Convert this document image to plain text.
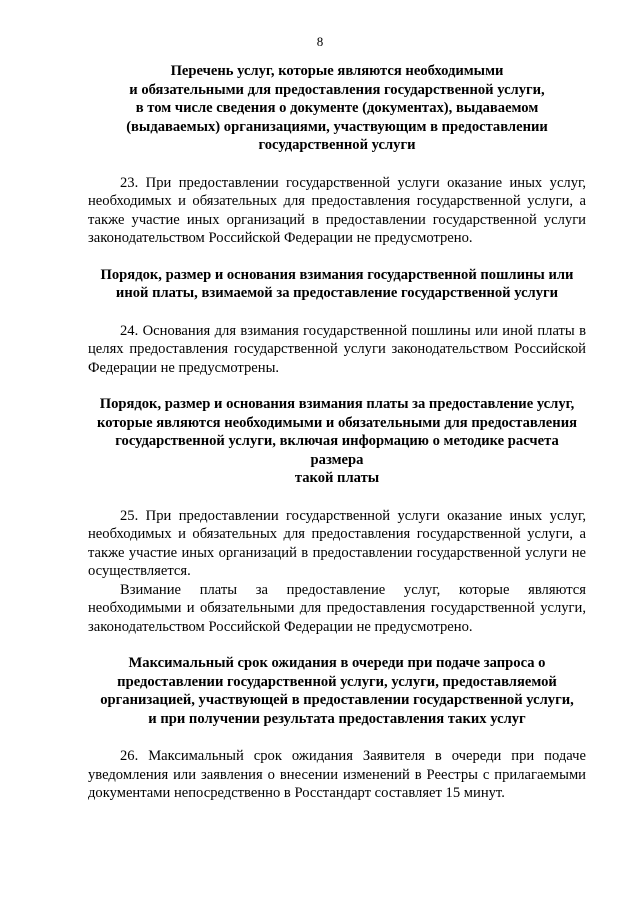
8
Перечень услуг, которые являются необходимыми
и обязательными для предоставления государственной услуги,
в том числе сведения о документе (документах), выдаваемом
(выдаваемых) организациями, участвующим в предоставлении
государственной услуги

23. При предоставлении государственной услуги оказание иных услуг, необходимых и обязательных для предоставления государственной услуги, а также участие иных организаций в предоставлении государственной услуги законодательством Российской Федерации не предусмотрено.

Порядок, размер и основания взимания государственной пошлины или
иной платы, взимаемой за предоставление государственной услуги

24. Основания для взимания государственной пошлины или иной платы в целях предоставления государственной услуги законодательством Российской Федерации не предусмотрены.

Порядок, размер и основания взимания платы за предоставление услуг,
которые являются необходимыми и обязательными для предоставления
государственной услуги, включая информацию о методике расчета размера
такой платы

25. При предоставлении государственной услуги оказание иных услуг, необходимых и обязательных для предоставления государственной услуги, а также участие иных организаций в предоставлении государственной услуги не осуществляется.

Взимание платы за предоставление услуг, которые являются необходимыми и обязательными для предоставления государственной услуги, законодательством Российской Федерации не предусмотрено.

Максимальный срок ожидания в очереди при подаче запроса о
предоставлении государственной услуги, услуги, предоставляемой
организацией, участвующей в предоставлении государственной услуги,
и при получении результата предоставления таких услуг

26. Максимальный срок ожидания Заявителя в очереди при подаче уведомления или заявления о внесении изменений в Реестры с прилагаемыми документами непосредственно в Росстандарт составляет 15 минут.
